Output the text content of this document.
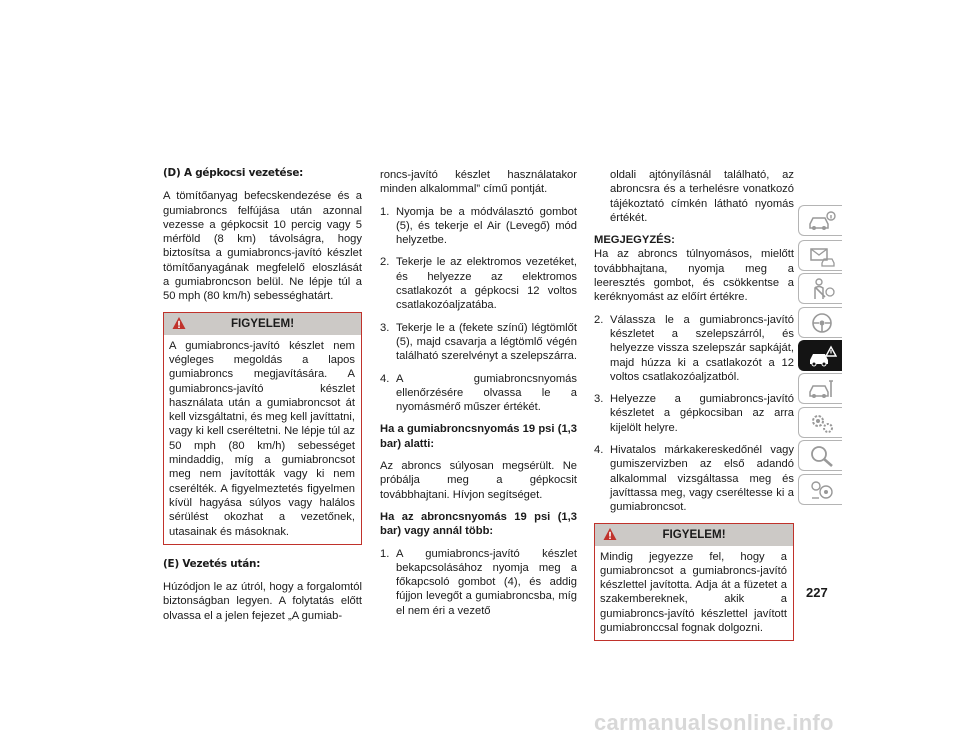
(D) A gépkocsi vezetése:

A tömítőanyag befecskendezése és a gumiabroncs felfújása után azonnal vezesse a gépkocsit 10 percig vagy 5 mérföld (8 km) távolságra, hogy biztosítsa a gumiabroncs-javító készlet tömítőanyagának megfelelő eloszlását a gumiabroncson belül. Ne lépje túl a 50 mph (80 km/h) sebességhatárt.

FIGYELEM!
A gumiabroncs-javító készlet nem végleges megoldás a lapos gumiabroncs megjavítására. A gumiabroncs-javító készlet használata után a gumiabroncsot át kell vizsgáltatni, és meg kell javíttatni, vagy ki kell cseréltetni. Ne lépje túl az 50 mph (80 km/h) sebességet mindaddig, míg a gumiabroncsot meg nem javították vagy ki nem cserélték. A figyelmeztetés figyelmen kívül hagyása súlyos vagy halálos sérülést okozhat a vezetőnek, utasainak és másoknak.
(E) Vezetés után:

Húzódjon le az útról, hogy a forgalomtól biztonságban legyen. A folytatás előtt olvassa el a jelen fejezet „A gumiab-

roncs-javító készlet használatakor minden alkalommal” című pontját.

1. Nyomja be a módválasztó gombot (5), és tekerje el Air (Levegő) mód helyzetbe.
2. Tekerje le az elektromos vezetéket, és helyezze az elektromos csatlakozót a gépkocsi 12 voltos csatlakozóaljzatába.
3. Tekerje le a (fekete színű) légtömlőt (5), majd csavarja a légtömlő végén található szerelvényt a szelepszárra.
4. A gumiabroncsnyomás ellenőrzésére olvassa le a nyomásmérő műszer értékét.

Ha a gumiabroncsnyomás 19 psi (1,3 bar) alatti:

Az abroncs súlyosan megsérült. Ne próbálja meg a gépkocsit továbbhajtani. Hívjon segítséget.

Ha az abroncsnyomás 19 psi (1,3 bar) vagy annál több:

1. A gumiabroncs-javító készlet bekapcsolásához nyomja meg a főkapcsoló gombot (4), és addig fújjon levegőt a gumiabroncsba, míg el nem éri a vezető

oldali ajtónyílásnál található, az abroncsra és a terhelésre vonatkozó tájékoztató címkén látható nyomás értékét.

MEGJEGYZÉS:

Ha az abroncs túlnyomásos, mielőtt továbbhajtana, nyomja meg a leeresztés gombot, és csökkentse a keréknyomást az előírt értékre.

2. Válassza le a gumiabroncs-javító készletet a szelepszárról, és helyezze vissza szelepszár sapkáját, majd húzza ki a csatlakozót a 12 voltos csatlakozóaljzatból.
3. Helyezze a gumiabroncs-javító készletet a gépkocsiban az arra kijelölt helyre.
4. Hivatalos márkakereskedőnél vagy gumiszervizben az első adandó alkalommal vizsgáltassa meg és javíttassa meg, vagy cseréltesse ki a gumiabroncsot.
FIGYELEM!
Mindig jegyezze fel, hogy a gumiabroncsot a gumiabroncs-javító készlettel javította. Adja át a füzetet a szakembereknek, akik a gumiabroncs-javító készlettel javított gumiabronccsal fognak dolgozni.
227
carmanualsonline.info
